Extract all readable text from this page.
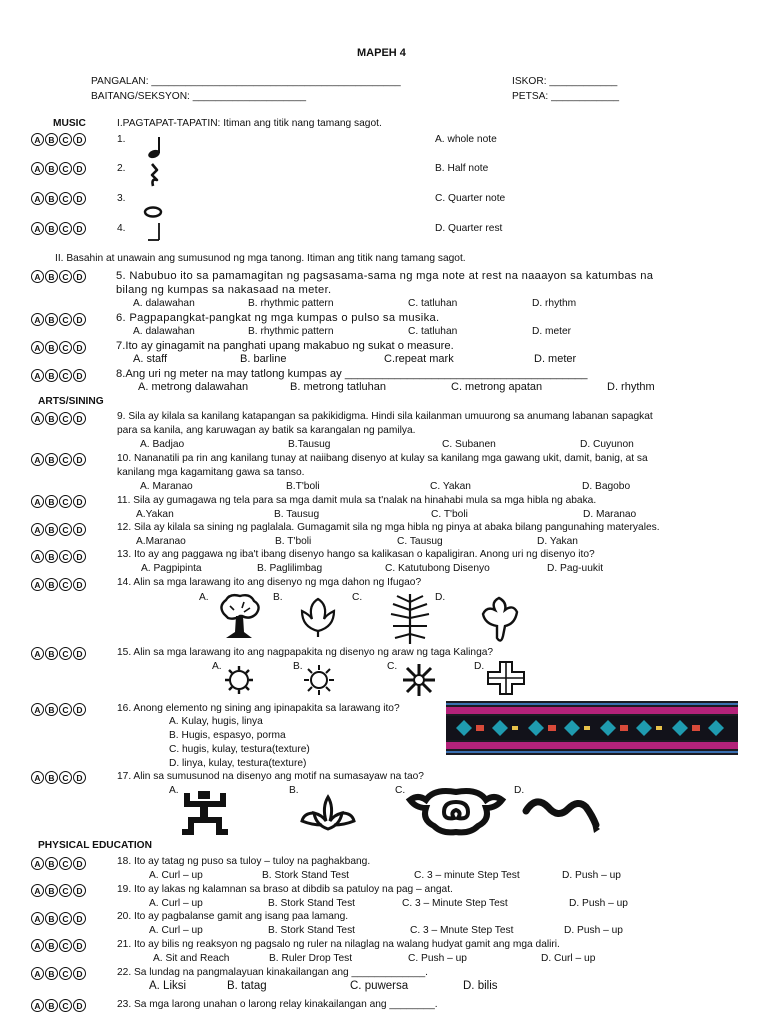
MAPEH 4
PANGALAN: ____________________________________________	ISKOR: ____________
BAITANG/SEKSYON: ____________________	PETSA: ____________
MUSIC	I.PAGTAPAT-TAPATIN: Itiman ang titik nang tamang sagot.
A B C D	1.	A. whole note
A B C D	2.	B. Half note
A B C D	3.	C. Quarter note
A B C D	4.	D. Quarter rest
II. Basahin at unawain ang sumusunod ng mga tanong. Itiman ang titik nang tamang sagot.
A B C D	5. Nabubuo ito sa pamamagitan ng pagsasama-sama ng mga note at rest na naaayon sa katumbas na
bilang ng kumpas sa nakasaad na meter.
A. dalawahan	B. rhythmic pattern	C. tatluhan	D. rhythm
A B C D	6. Pagpapangkat-pangkat ng mga kumpas o pulso sa musika.
A. dalawahan	B. rhythmic pattern	C. tatluhan	D. meter
A B C D	7.Ito ay ginagamit na panghati upang makabuo ng sukat o measure.
A. staff	B. barline	C.repeat mark	D. meter
A B C D	8.Ang uri ng meter na may tatlong kumpas ay _______________________________________
A. metrong dalawahan	B. metrong tatluhan	C. metrong apatan	D. rhythm
ARTS/SINING
A B C D	9. Sila ay kilala sa kanilang katapangan sa pakikidigma. Hindi sila kailanman umuurong sa anumang labanan sapagkat
para sa kanila, ang karuwagan ay batik sa karangalan ng pamilya.
A. Badjao	B.Tausug	C. Subanen	D. Cuyunon
A B C D	10. Nananatili pa rin ang kanilang tunay at naiibang disenyo at kulay sa kanilang mga gawang ukit, damit, banig, at sa
kanilang mga kagamitang gawa sa tanso.
A. Maranao	B.T'boli	C. Yakan	D. Bagobo
A B C D	11. Sila ay gumagawa ng tela para sa mga damit mula sa t'nalak na hinahabi mula sa mga hibla ng abaka.
A.Yakan	B. Tausug	C. T'boli	D. Maranao
A B C D	12. Sila ay kilala sa sining ng paglalala. Gumagamit sila ng mga hibla ng pinya at abaka bilang pangunahing materyales.
A.Maranao	B. T'boli	C. Tausug	D. Yakan
A B C D	13. Ito ay ang paggawa ng iba't ibang disenyo hango sa kalikasan o kapaligiran. Anong uri ng disenyo ito?
A. Pagpipinta	B. Paglilimbag	C. Katutubong Disenyo	D. Pag-uukit
A B C D	14. Alin sa mga larawang ito ang disenyo ng mga dahon ng Ifugao?
A.	B.	C.	D.
A B C D	15. Alin sa mga larawang ito ang nagpapakita ng disenyo ng araw ng taga Kalinga?
A.	B.	C.	D.
A B C D	16. Anong elemento ng sining ang ipinapakita sa larawang ito?
A. Kulay, hugis, linya
B. Hugis, espasyo, porma
C. hugis, kulay, testura(texture)
D. linya, kulay, testura(texture)
A B C D	17. Alin sa sumusunod na disenyo ang motif na sumasayaw na tao?
A.	B.	C.	D.
PHYSICAL EDUCATION
A B C D	18. Ito ay tatag ng puso sa tuloy – tuloy na paghakbang.
A. Curl – up	B. Stork Stand Test	C. 3 – minute Step Test	D. Push – up
A B C D	19. Ito ay lakas ng kalamnan sa braso at dibdib sa patuloy na pag – angat.
A. Curl – up	B. Stork Stand Test	C. 3 – Minute Step Test	D. Push – up
A B C D	20. Ito ay pagbalanse gamit ang isang paa lamang.
A. Curl – up	B. Stork Stand Test	C. 3 – Mnute Step Test	D. Push – up
A B C D	21. Ito ay bilis ng reaksyon ng pagsalo ng ruler na nilaglag na walang hudyat gamit ang mga daliri.
A. Sit and Reach	B. Ruler Drop Test	C. Push – up	D. Curl – up
A B C D	22. Sa lundag na pangmalayuan kinakailangan ang _____________.
A. Liksi	B. tatag	C. puwersa	D. bilis
A B C D	23. Sa mga larong unahan o larong relay kinakailangan ang ________.
